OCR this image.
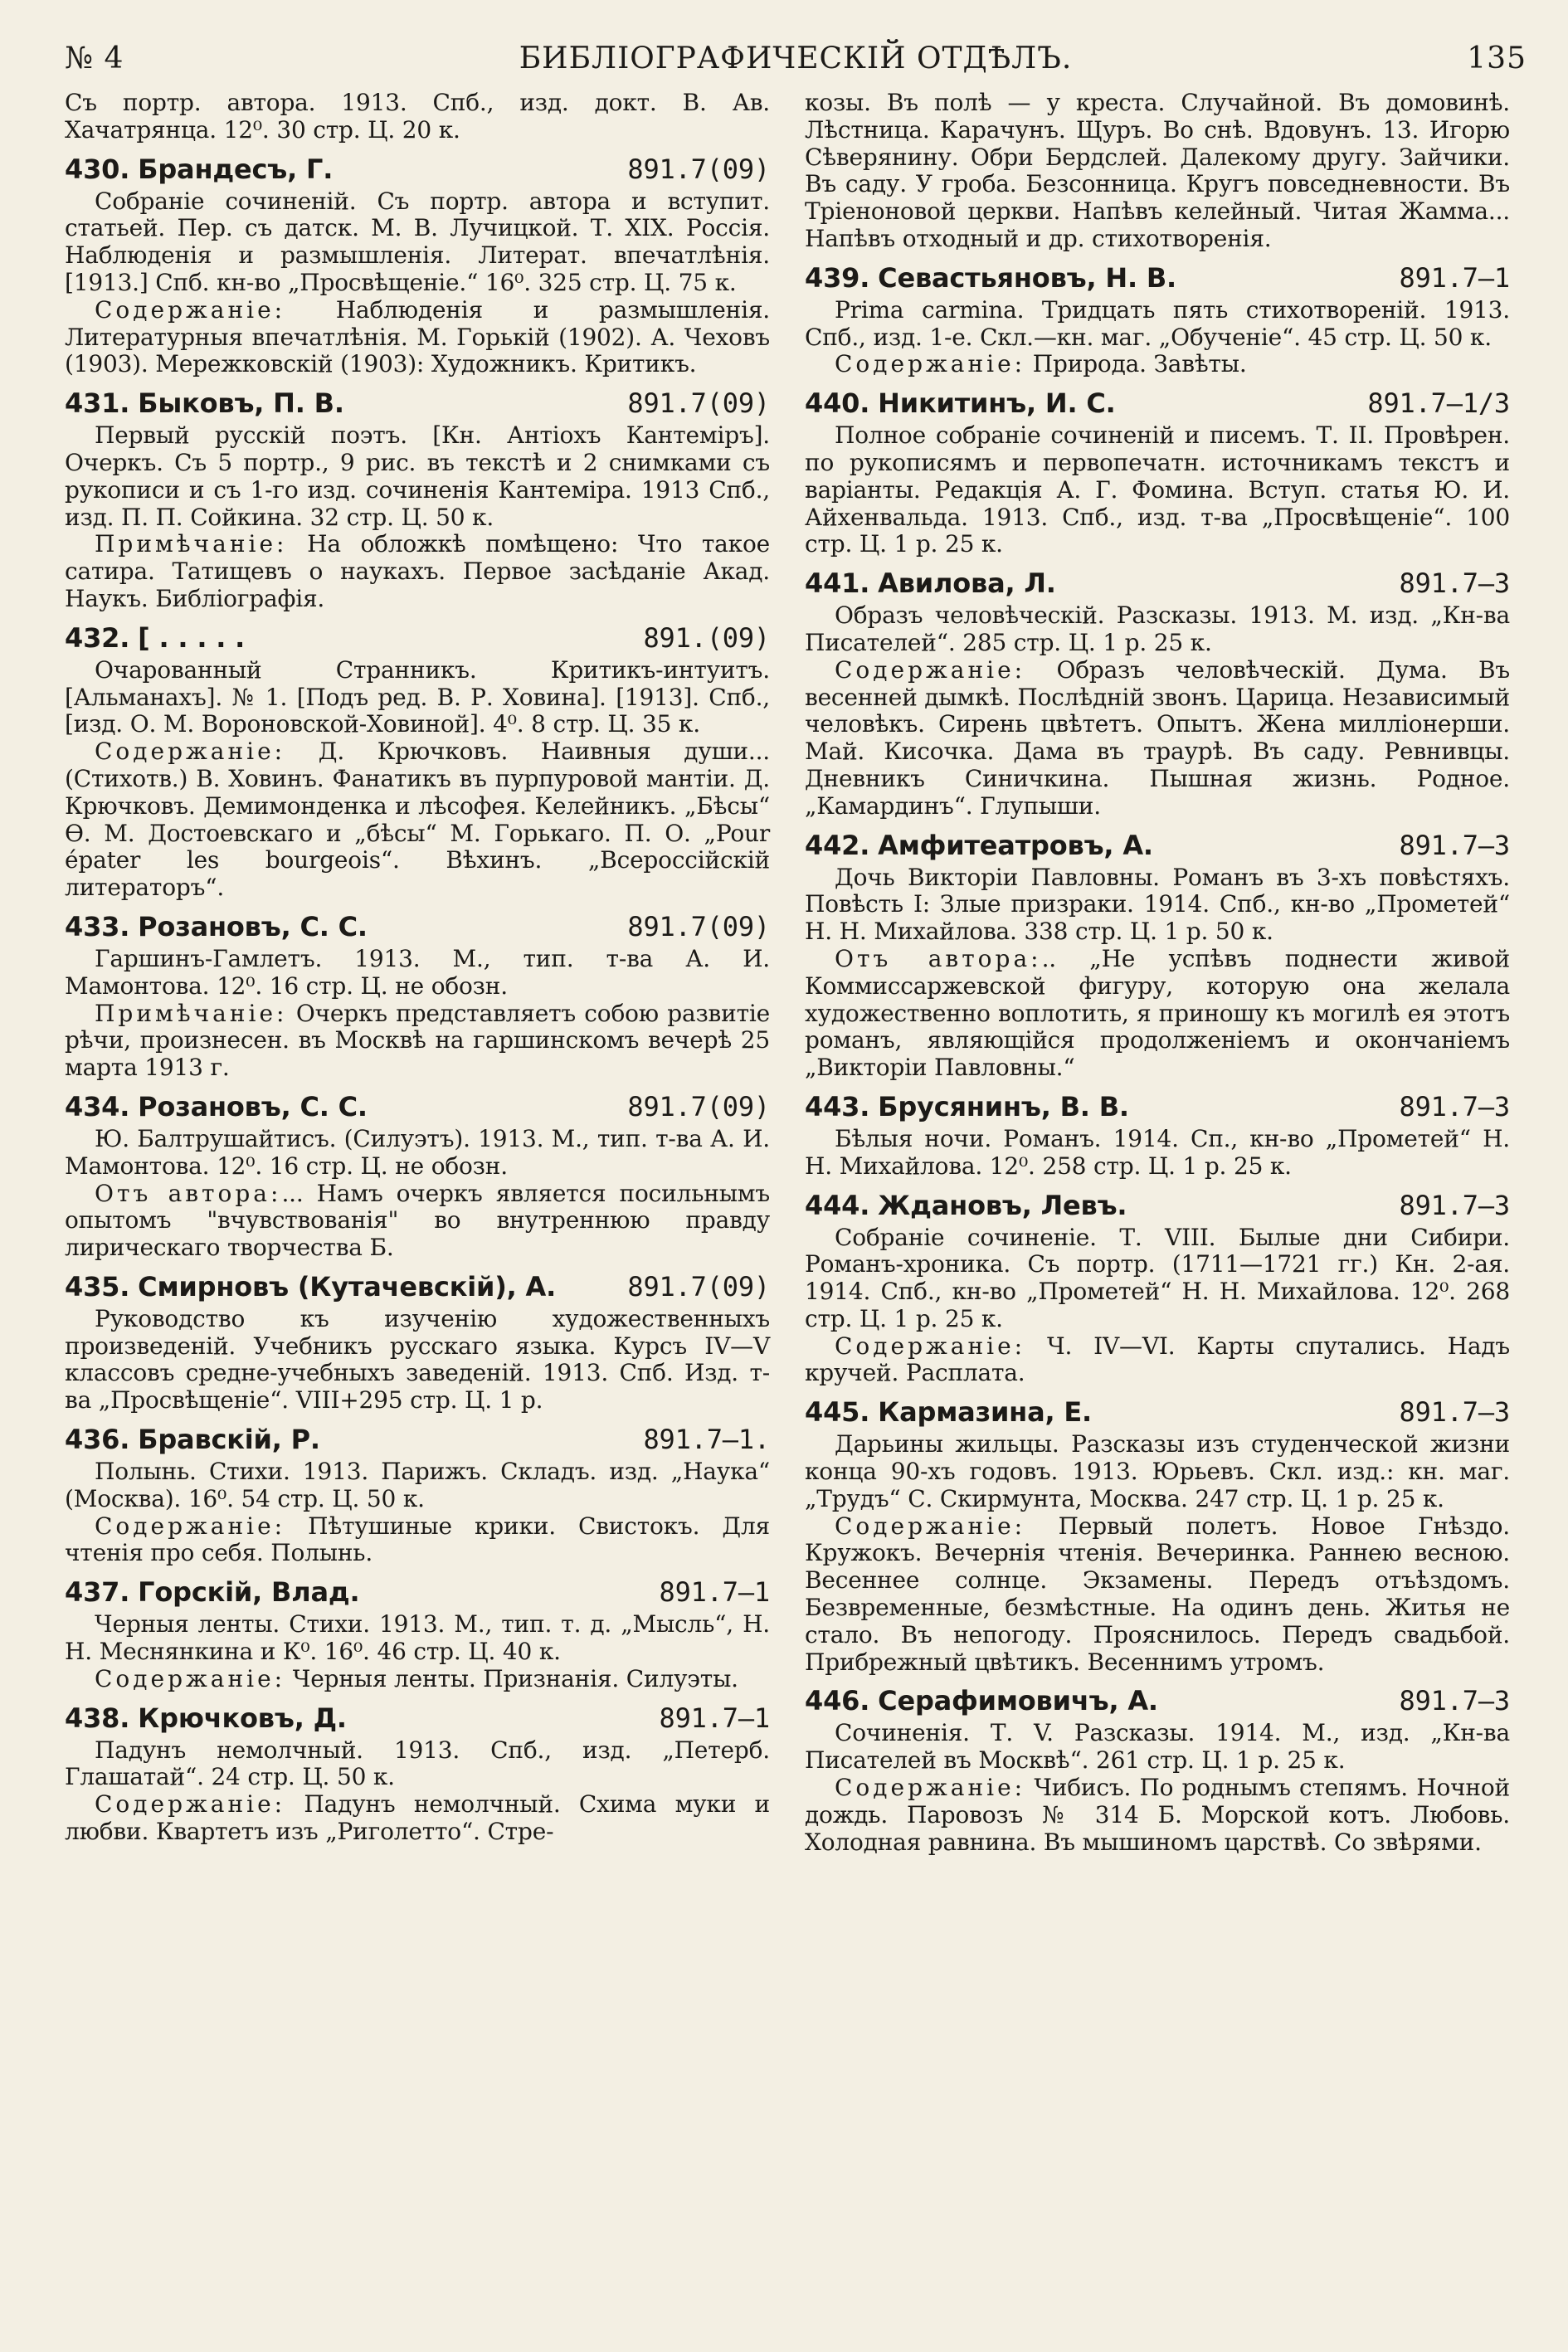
№ 4	БИБЛIОГРАФИЧЕСКIЙ ОТДѢЛЪ.	135

Съ портр. автора. 1913. Спб., изд. докт. В. Ав. Хачатрянца. 12⁰. 30 стр. Ц. 20 к.

430. Брандесъ, Г.	891.7(09)

Собранiе сочиненiй. Съ портр. автора и вступит. статьей. Пер. съ датск. М. В. Лучицкой. Т. XIX. Россiя. Наблюденiя и размышленiя. Литерат. впечатлѣнiя. [1913.] Спб. кн-во „Просвѣщенiе.“ 16⁰. 325 стр. Ц. 75 к.

Содержанiе: Наблюденiя и размышленiя. Литературныя впечатлѣнiя. М. Горькiй (1902). А. Чеховъ (1903). Мережковскiй (1903): Художникъ. Критикъ.

431. Быковъ, П. В.	891.7(09)

Первый русскiй поэтъ. [Кн. Антiохъ Кантемiръ]. Очеркъ. Съ 5 портр., 9 рис. въ текстѣ и 2 снимками съ рукописи и съ 1-го изд. сочиненiя Кантемiра. 1913 Спб., изд. П. П. Сойкина. 32 стр. Ц. 50 к.

Примѣчанiе: На обложкѣ помѣщено: Что такое сатира. Татищевъ о наукахъ. Первое засѣданiе Акад. Наукъ. Библiографiя.

432. [ . . . . .	891.(09)

Очарованный Странникъ. Критикъ-интуитъ. [Альманахъ]. № 1. [Подъ ред. В. Р. Ховина]. [1913]. Спб., [изд. О. М. Вороновской-Ховиной]. 4⁰. 8 стр. Ц. 35 к.

Содержанiе: Д. Крючковъ. Наивныя души... (Стихотв.) В. Ховинъ. Фанатикъ въ пурпуровой мантiи. Д. Крючковъ. Демимонденка и лѣсофея. Келейникъ. „Бѣсы“ Ѳ. М. Достоевскаго и „бѣсы“ М. Горькаго. П. О. „Pour épater les bourgeois“. Вѣхинъ. „Всероссiйскiй литераторъ“.

433. Розановъ, С. С.	891.7(09)

Гаршинъ-Гамлетъ. 1913. М., тип. т-ва А. И. Мамонтова. 12⁰. 16 стр. Ц. не обозн.

Примѣчанiе: Очеркъ представляетъ собою развитiе рѣчи, произнесен. въ Москвѣ на гаршинскомъ вечерѣ 25 марта 1913 г.

434. Розановъ, С. С.	891.7(09)

Ю. Балтрушайтисъ. (Силуэтъ). 1913. М., тип. т-ва А. И. Мамонтова. 12⁰. 16 стр. Ц. не обозн.

Отъ автора:... Намъ очеркъ является посильнымъ опытомъ "вчувствованiя" во внутреннюю правду лирическаго творчества Б.

435. Смирновъ (Кутачевскiй), А.	891.7(09)

Руководство къ изученiю художественныхъ произведенiй. Учебникъ русскаго языка. Курсъ IV—V классовъ средне-учебныхъ заведенiй. 1913. Спб. Изд. т-ва „Просвѣщенiе“. VIII+295 стр. Ц. 1 р.

436. Бравскiй, Р.	891.7—1.

Полынь. Стихи. 1913. Парижъ. Складъ. изд. „Наука“ (Москва). 16⁰. 54 стр. Ц. 50 к.

Содержанiе: Пѣтушиные крики. Свистокъ. Для чтенiя про себя. Полынь.

437. Горскiй, Влад.	891.7—1

Черныя ленты. Стихи. 1913. М., тип. т. д. „Мысль“, Н. Н. Меснянкина и К⁰. 16⁰. 46 стр. Ц. 40 к.

Содержанiе: Черныя ленты. Признанiя. Силуэты.

438. Крючковъ, Д.	891.7—1

Падунъ немолчный. 1913. Спб., изд. „Петерб. Глашатай“. 24 стр. Ц. 50 к.

Содержанiе: Падунъ немолчный. Схима муки и любви. Квартетъ изъ „Риголетто“. Стре-

козы. Въ полѣ — у креста. Случайной. Въ домовинѣ. Лѣстница. Карачунъ. Щуръ. Во снѣ. Вдовунъ. 13. Игорю Сѣверянину. Обри Бердслей. Далекому другу. Зайчики. Въ саду. У гроба. Безсонница. Кругъ повседневности. Въ Трiеноновой церкви. Напѣвъ келейный. Читая Жамма... Напѣвъ отходный и др. стихотворенiя.

439. Севастьяновъ, Н. В.	891.7—1

Prima carmina. Тридцать пять стихотворенiй. 1913. Спб., изд. 1-е. Скл.—кн. маг. „Обученiе“. 45 стр. Ц. 50 к.

Содержанiе: Природа. Завѣты.

440. Никитинъ, И. С.	891.7—1/3

Полное собранiе сочиненiй и писемъ. Т. II. Провѣрен. по рукописямъ и первопечатн. источникамъ текстъ и варiанты. Редакцiя А. Г. Фомина. Вступ. статья Ю. И. Айхенвальда. 1913. Спб., изд. т-ва „Просвѣщенiе“. 100 стр. Ц. 1 р. 25 к.

441. Авилова, Л.	891.7—3

Образъ человѣческiй. Разсказы. 1913. М. изд. „Кн-ва Писателей“. 285 стр. Ц. 1 р. 25 к.

Содержанiе: Образъ человѣческiй. Дума. Въ весенней дымкѣ. Послѣднiй звонъ. Царица. Независимый человѣкъ. Сирень цвѣтетъ. Опытъ. Жена миллiонерши. Май. Кисочка. Дама въ траурѣ. Въ саду. Ревнивцы. Дневникъ Синичкина. Пышная жизнь. Родное. „Камардинъ“. Глупыши.

442. Амфитеатровъ, А.	891.7—3

Дочь Викторiи Павловны. Романъ въ 3-хъ повѣстяхъ. Повѣсть I: Злые призраки. 1914. Спб., кн-во „Прометей“ Н. Н. Михайлова. 338 стр. Ц. 1 р. 50 к.

Отъ автора:.. „Не успѣвъ поднести живой Коммиссаржевской фигуру, которую она желала художественно воплотить, я приношу къ могилѣ ея этотъ романъ, являющiйся продолженiемъ и окончанiемъ „Викторiи Павловны.“

443. Брусянинъ, В. В.	891.7—3

Бѣлыя ночи. Романъ. 1914. Сп., кн-во „Прометей“ Н. Н. Михайлова. 12⁰. 258 стр. Ц. 1 р. 25 к.

444. Ждановъ, Левъ.	891.7—3

Собранiе сочиненiе. Т. VIII. Былые дни Сибири. Романъ-хроника. Съ портр. (1711—1721 гг.) Кн. 2-ая. 1914. Спб., кн-во „Прометей“ Н. Н. Михайлова. 12⁰. 268 стр. Ц. 1 р. 25 к.

Содержанiе: Ч. IV—VI. Карты спутались. Надъ кручей. Расплата.

445. Кармазина, Е.	891.7—3

Дарьины жильцы. Разсказы изъ студенческой жизни конца 90-хъ годовъ. 1913. Юрьевъ. Скл. изд.: кн. маг. „Трудъ“ С. Скирмунта, Москва. 247 стр. Ц. 1 р. 25 к.

Содержанiе: Первый полетъ. Новое Гнѣздо. Кружокъ. Вечернiя чтенiя. Вечеринка. Раннею весною. Весеннее солнце. Экзамены. Передъ отъѣздомъ. Безвременные, безмѣстные. На одинъ день. Житья не стало. Въ непогоду. Прояснилось. Передъ свадьбой. Прибрежный цвѣтикъ. Весеннимъ утромъ.

446. Серафимовичъ, А.	891.7—3

Сочиненiя. Т. V. Разсказы. 1914. М., изд. „Кн-ва Писателей въ Москвѣ“. 261 стр. Ц. 1 р. 25 к.

Содержанiе: Чибисъ. По роднымъ степямъ. Ночной дождь. Паровозъ № 314 Б. Морской котъ. Любовь. Холодная равнина. Въ мышиномъ царствѣ. Со звѣрями.
